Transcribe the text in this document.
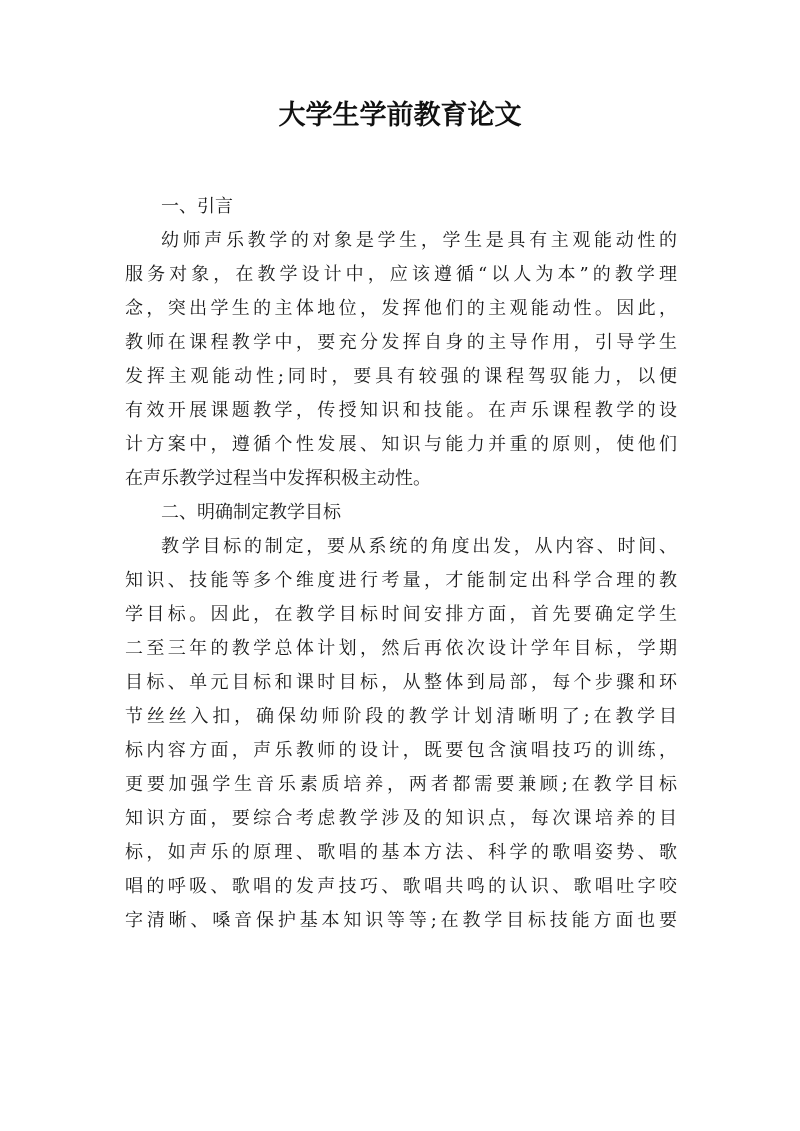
大学生学前教育论文
一、引言
幼师声乐教学的对象是学生，学生是具有主观能动性的
服务对象，在教学设计中，应该遵循“以人为本”的教学理
念，突出学生的主体地位，发挥他们的主观能动性。因此，
教师在课程教学中，要充分发挥自身的主导作用，引导学生
发挥主观能动性;同时，要具有较强的课程驾驭能力，以便
有效开展课题教学，传授知识和技能。在声乐课程教学的设
计方案中，遵循个性发展、知识与能力并重的原则，使他们
在声乐教学过程当中发挥积极主动性。
二、明确制定教学目标
教学目标的制定，要从系统的角度出发，从内容、时间、
知识、技能等多个维度进行考量，才能制定出科学合理的教
学目标。因此，在教学目标时间安排方面，首先要确定学生
二至三年的教学总体计划，然后再依次设计学年目标，学期
目标、单元目标和课时目标，从整体到局部，每个步骤和环
节丝丝入扣，确保幼师阶段的教学计划清晰明了;在教学目
标内容方面，声乐教师的设计，既要包含演唱技巧的训练，
更要加强学生音乐素质培养，两者都需要兼顾;在教学目标
知识方面，要综合考虑教学涉及的知识点，每次课培养的目
标，如声乐的原理、歌唱的基本方法、科学的歌唱姿势、歌
唱的呼吸、歌唱的发声技巧、歌唱共鸣的认识、歌唱吐字咬
字清晰、嗓音保护基本知识等等;在教学目标技能方面也要
